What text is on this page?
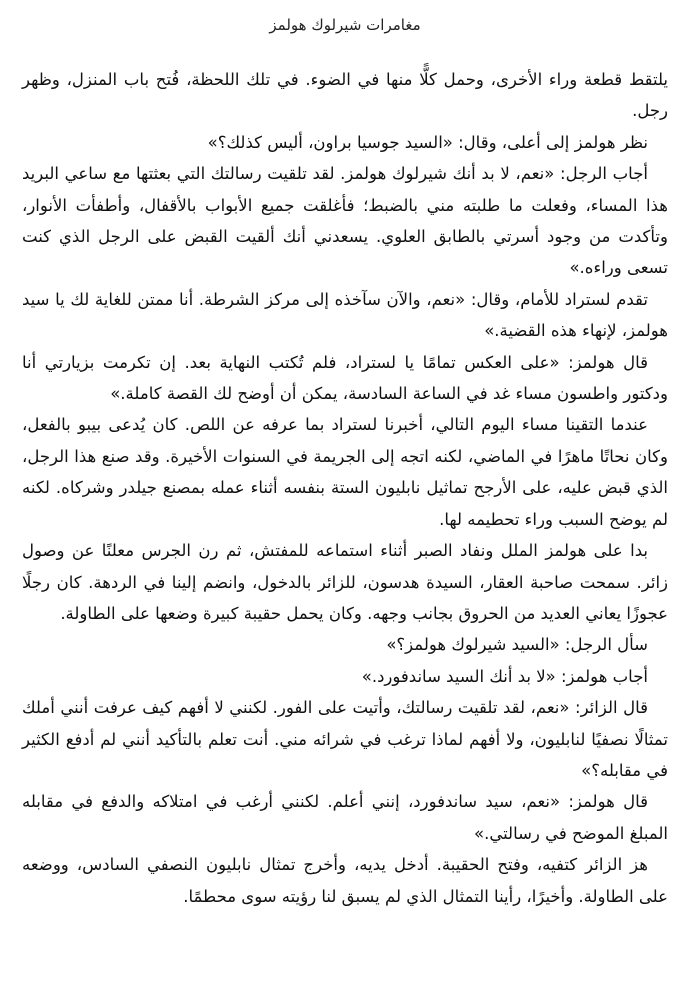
مغامرات شيرلوك هولمز

يلتقط قطعة وراء الأخرى، وحمل كلًّا منها في الضوء. في تلك اللحظة، فُتح باب المنزل، وظهر رجل.

نظر هولمز إلى أعلى، وقال: «السيد جوسيا براون، أليس كذلك؟»

أجاب الرجل: «نعم، لا بد أنك شيرلوك هولمز. لقد تلقيت رسالتك التي بعثتها مع ساعي البريد هذا المساء، وفعلت ما طلبته مني بالضبط؛ فأغلقت جميع الأبواب بالأقفال، وأطفأت الأنوار، وتأكدت من وجود أسرتي بالطابق العلوي. يسعدني أنك ألقيت القبض على الرجل الذي كنت تسعى وراءه.»

تقدم لستراد للأمام، وقال: «نعم، والآن سآخذه إلى مركز الشرطة. أنا ممتن للغاية لك يا سيد هولمز، لإنهاء هذه القضية.»

قال هولمز: «على العكس تمامًا يا لستراد، فلم تُكتب النهاية بعد. إن تكرمت بزيارتي أنا ودكتور واطسون مساء غد في الساعة السادسة، يمكن أن أوضح لك القصة كاملة.»

عندما التقينا مساء اليوم التالي، أخبرنا لستراد بما عرفه عن اللص. كان يُدعى بيبو بالفعل، وكان نحاتًا ماهرًا في الماضي، لكنه اتجه إلى الجريمة في السنوات الأخيرة. وقد صنع هذا الرجل، الذي قبض عليه، على الأرجح تماثيل نابليون الستة بنفسه أثناء عمله بمصنع جيلدر وشركاه. لكنه لم يوضح السبب وراء تحطيمه لها.

بدا على هولمز الملل ونفاد الصبر أثناء استماعه للمفتش، ثم رن الجرس معلنًا عن وصول زائر. سمحت صاحبة العقار، السيدة هدسون، للزائر بالدخول، وانضم إلينا في الردهة. كان رجلًا عجوزًا يعاني العديد من الحروق بجانب وجهه. وكان يحمل حقيبة كبيرة وضعها على الطاولة.

سأل الرجل: «السيد شيرلوك هولمز؟»

أجاب هولمز: «لا بد أنك السيد ساندفورد.»

قال الزائر: «نعم، لقد تلقيت رسالتك، وأتيت على الفور. لكنني لا أفهم كيف عرفت أنني أملك تمثالًا نصفيًا لنابليون، ولا أفهم لماذا ترغب في شرائه مني. أنت تعلم بالتأكيد أنني لم أدفع الكثير في مقابله؟»

قال هولمز: «نعم، سيد ساندفورد، إنني أعلم. لكنني أرغب في امتلاكه والدفع في مقابله المبلغ الموضح في رسالتي.»

هز الزائر كتفيه، وفتح الحقيبة. أدخل يديه، وأخرج تمثال نابليون النصفي السادس، ووضعه على الطاولة. وأخيرًا، رأينا التمثال الذي لم يسبق لنا رؤيته سوى محطمًا.
